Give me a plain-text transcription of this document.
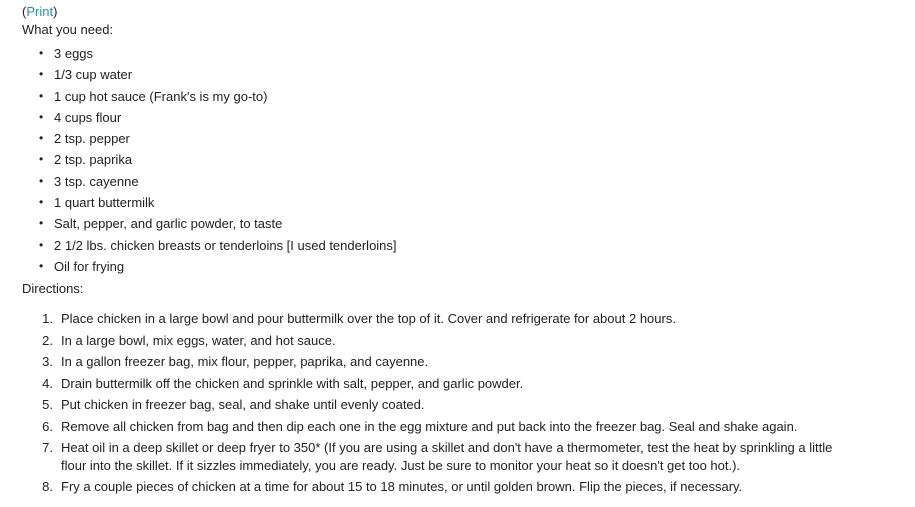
(Print)
What you need:
• 3 eggs
• 1/3 cup water
• 1 cup hot sauce (Frank's is my go-to)
• 4 cups flour
• 2 tsp. pepper
• 2 tsp. paprika
• 3 tsp. cayenne
• 1 quart buttermilk
• Salt, pepper, and garlic powder, to taste
• 2 1/2 lbs. chicken breasts or tenderloins [I used tenderloins]
• Oil for frying
Directions:
1. Place chicken in a large bowl and pour buttermilk over the top of it. Cover and refrigerate for about 2 hours.
2. In a large bowl, mix eggs, water, and hot sauce.
3. In a gallon freezer bag, mix flour, pepper, paprika, and cayenne.
4. Drain buttermilk off the chicken and sprinkle with salt, pepper, and garlic powder.
5. Put chicken in freezer bag, seal, and shake until evenly coated.
6. Remove all chicken from bag and then dip each one in the egg mixture and put back into the freezer bag. Seal and shake again.
7. Heat oil in a deep skillet or deep fryer to 350* (If you are using a skillet and don't have a thermometer, test the heat by sprinkling a little flour into the skillet. If it sizzles immediately, you are ready. Just be sure to monitor your heat so it doesn't get too hot.).
8. Fry a couple pieces of chicken at a time for about 15 to 18 minutes, or until golden brown. Flip the pieces, if necessary.
